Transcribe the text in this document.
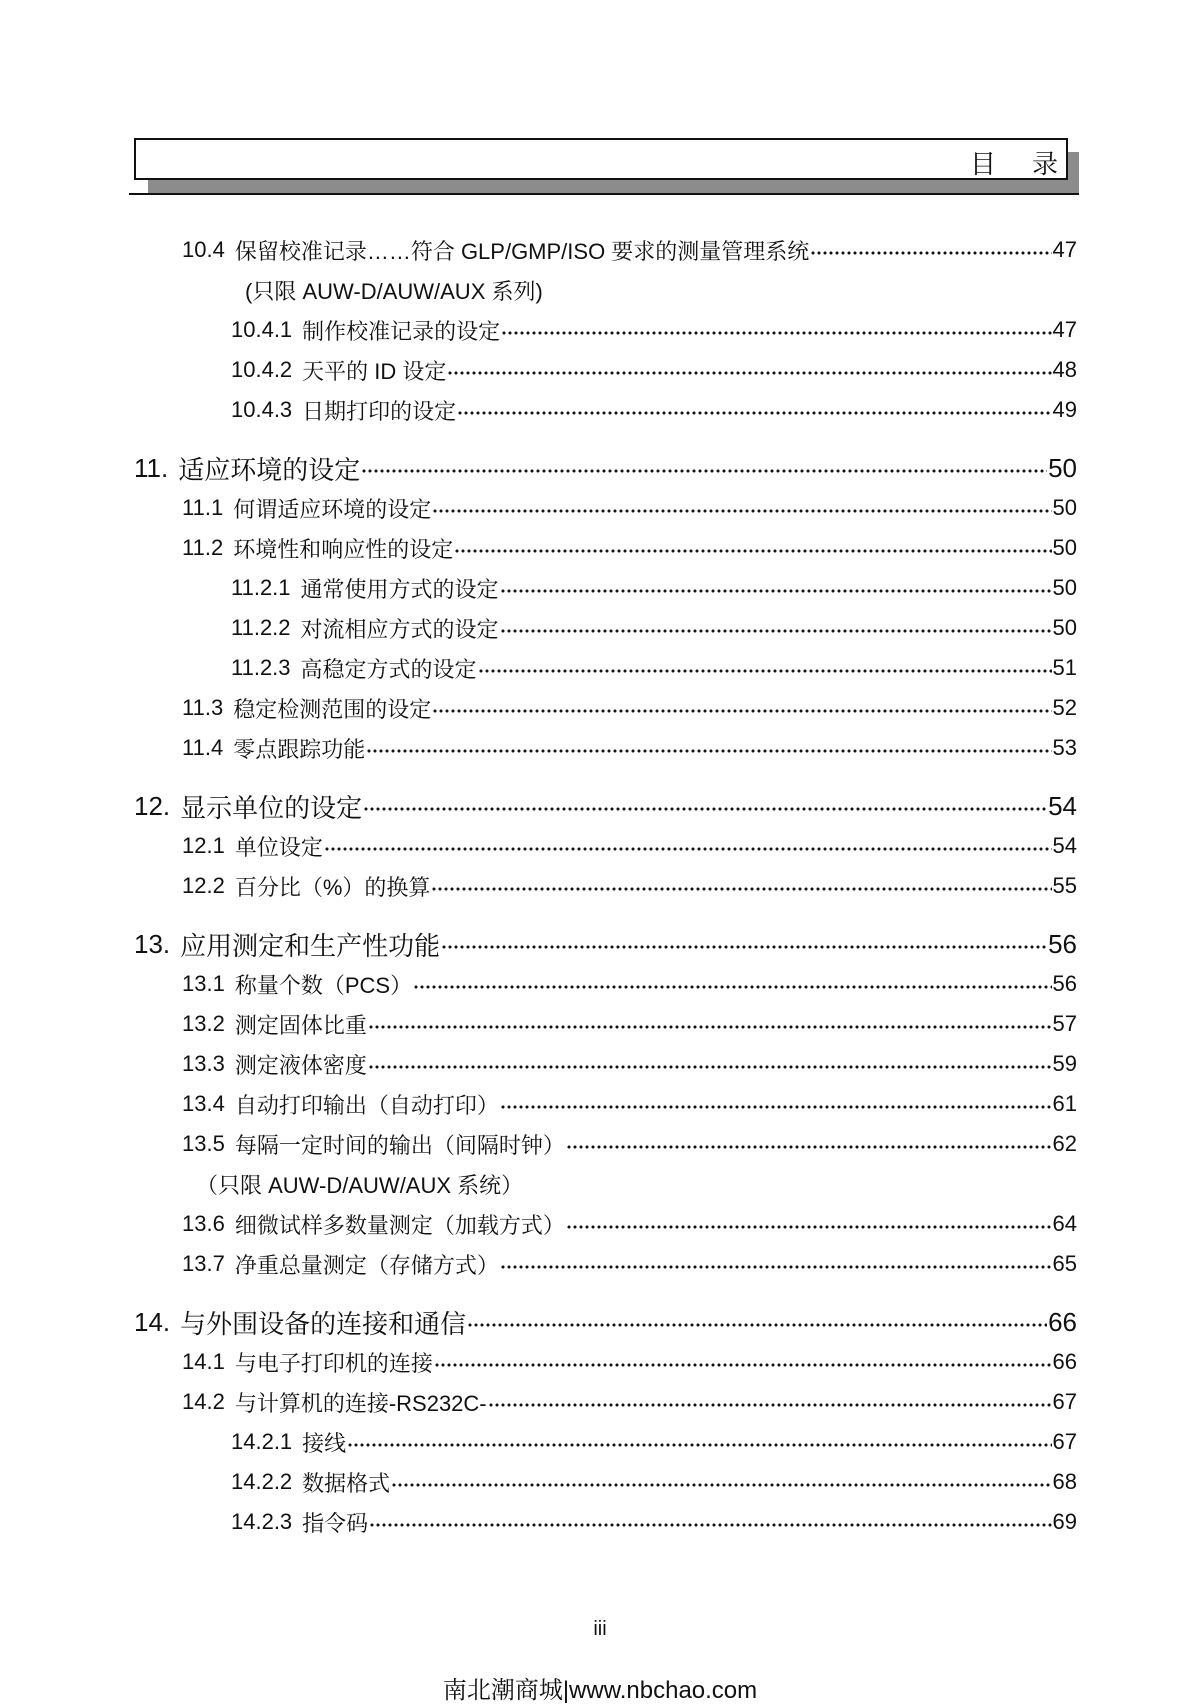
目录
10.4 保留校准记录……符合 GLP/GMP/ISO 要求的测量管理系统	47
(只限 AUW-D/AUW/AUX 系列)
10.4.1 制作校准记录的设定	47
10.4.2 天平的 ID 设定	48
10.4.3 日期打印的设定	49
11. 适应环境的设定	50
11.1 何谓适应环境的设定	50
11.2 环境性和响应性的设定	50
11.2.1 通常使用方式的设定	50
11.2.2 对流相应方式的设定	50
11.2.3 高稳定方式的设定	51
11.3 稳定检测范围的设定	52
11.4 零点跟踪功能	53
12. 显示单位的设定	54
12.1 单位设定	54
12.2 百分比（%）的换算	55
13. 应用测定和生产性功能	56
13.1 称量个数（PCS）	56
13.2 测定固体比重	57
13.3 测定液体密度	59
13.4 自动打印输出（自动打印）	61
13.5 每隔一定时间的输出（间隔时钟）	62
（只限 AUW-D/AUW/AUX 系统）
13.6 细微试样多数量测定（加载方式）	64
13.7 净重总量测定（存储方式）	65
14. 与外围设备的连接和通信	66
14.1 与电子打印机的连接	66
14.2 与计算机的连接-RS232C-	67
14.2.1 接线	67
14.2.2 数据格式	68
14.2.3 指令码	69
iii
南北潮商城|www.nbchao.com
